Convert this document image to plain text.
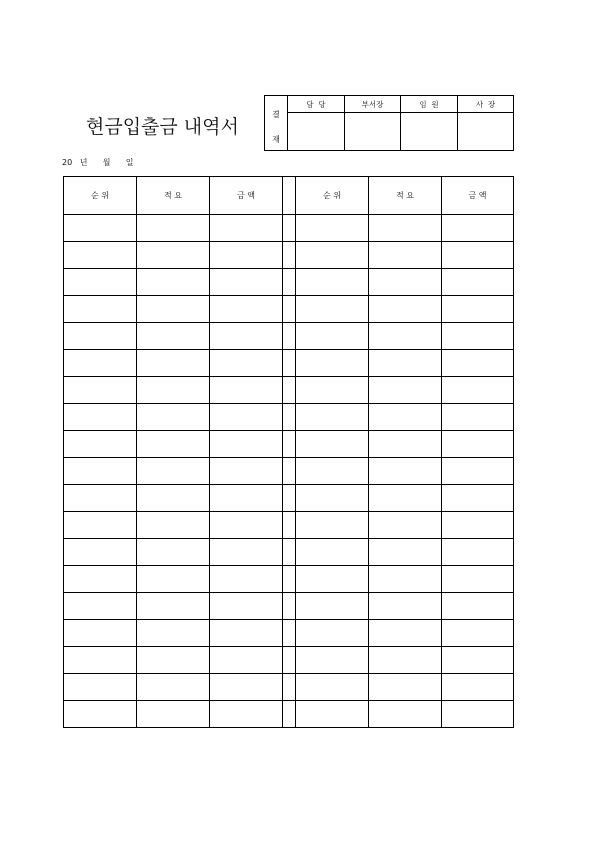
현금입출금 내역서
결
재	담  당	부서장	임  원	사  장

20   년      월      일
순 위	적 요	금 액		순 위	적 요	금 액
